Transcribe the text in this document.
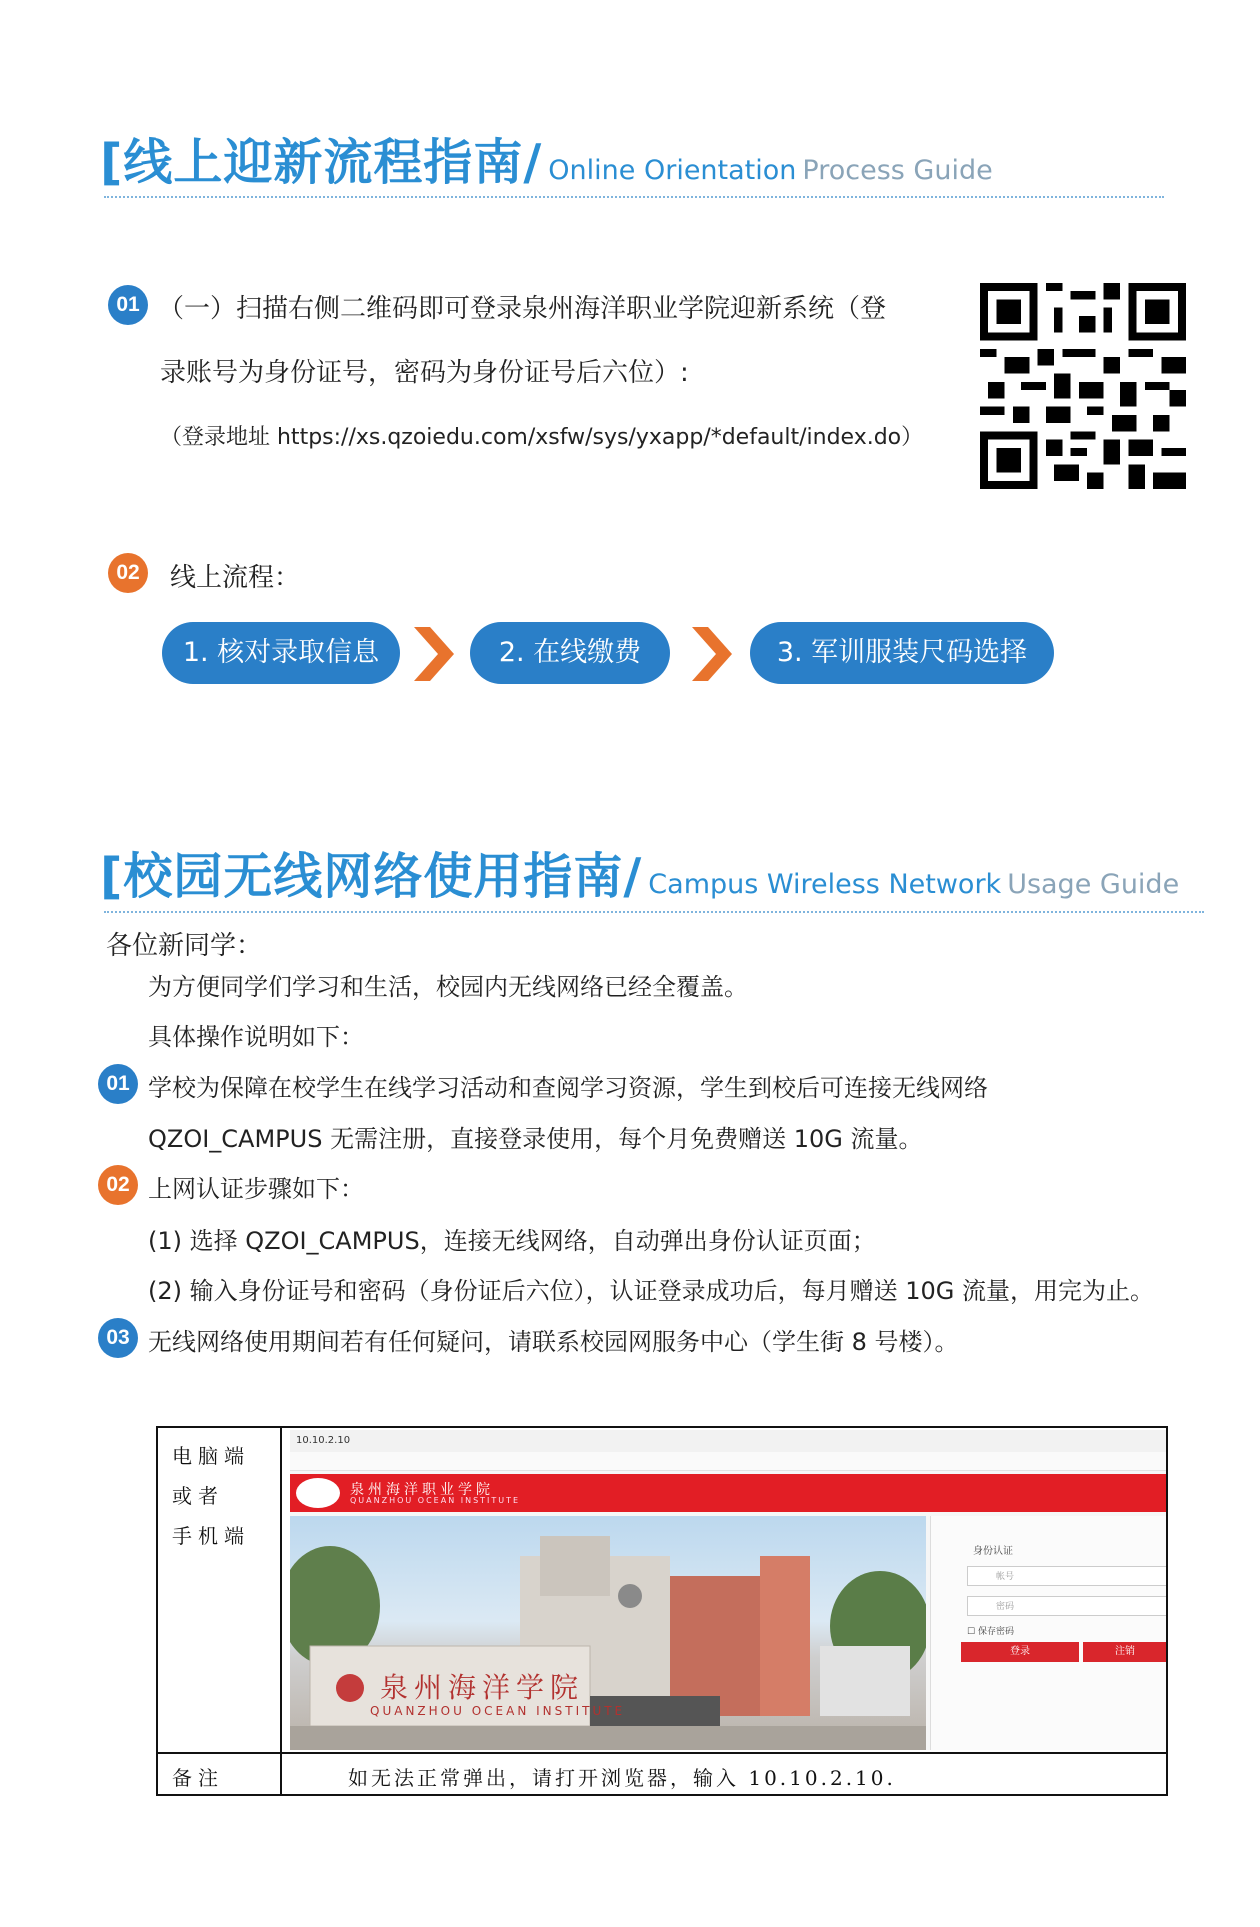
[线上迎新流程指南/ Online Orientation Process Guide
01 （一）扫描右侧二维码即可登录泉州海洋职业学院迎新系统（登
录账号为身份证号，密码为身份证号后六位）:
（登录地址 https://xs.qzoiedu.com/xsfw/sys/yxapp/*default/index.do）
02	线上流程：
1. 核对录取信息	2. 在线缴费	3. 军训服装尺码选择
[校园无线网络使用指南/ Campus Wireless Network Usage Guide
各位新同学：
为方便同学们学习和生活，校园内无线网络已经全覆盖。
具体操作说明如下：
01 学校为保障在校学生在线学习活动和查阅学习资源，学生到校后可连接无线网络
QZOI_CAMPUS 无需注册，直接登录使用，每个月免费赠送 10G 流量。
02 上网认证步骤如下：
(1) 选择 QZOI_CAMPUS，连接无线网络，自动弹出身份认证页面；
(2) 输入身份证号和密码（身份证后六位），认证登录成功后，每月赠送 10G 流量，用完为止。
03 无线网络使用期间若有任何疑问，请联系校园网服务中心（学生街 8 号楼）。
电脑端
或者
手机端
备注	如无法正常弹出，请打开浏览器，输入 10.10.2.10.
10.10.2.10
泉州海洋职业学院
QUANZHOU OCEAN INSTITUTE
泉州海洋学院
QUANZHOU OCEAN INSTITUTE
身份认证
帐号
密码
☐ 保存密码
登录	注销
